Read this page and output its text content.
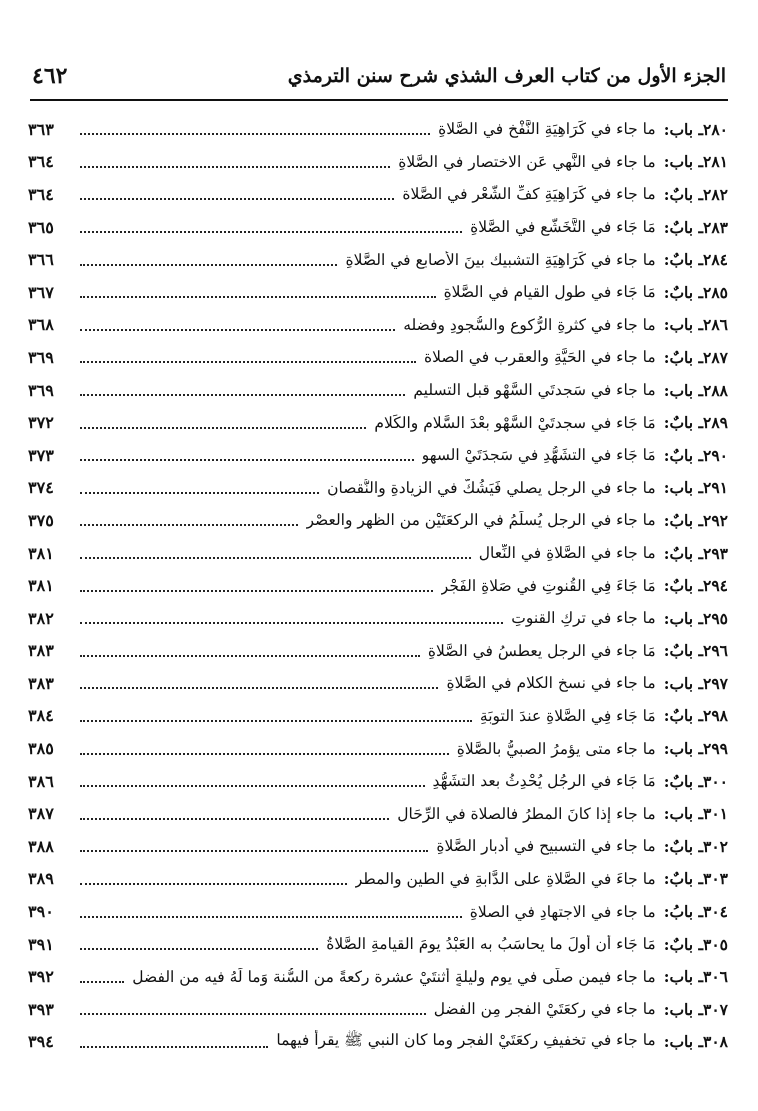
الجزء الأول من كتاب العرف الشذي شرح سنن الترمذي
٤٦٢
٢٨٠
ـ باب:
ما جاء في كَرَاهِيَةِ النَّفْخ في الصَّلاةِ
٣٦٣
٢٨١
ـ باب:
ما جاء في النَّهي عَن الاختصار في الصَّلاةِ
٣٦٤
٢٨٢
ـ بابٌ:
ما جاء في كَرَاهِيَةِ كفِّ الشَّعْر في الصَّلاة
٣٦٤
٢٨٣
ـ بابٌ:
مَا جَاء في التَّخَشُّع في الصَّلاةِ
٣٦٥
٢٨٤
ـ بابٌ:
ما جاء في كَرَاهِيَةِ التشبيك بينَ الأصابع في الصَّلاةِ
٣٦٦
٢٨٥
ـ بابٌ:
مَا جَاء في طولِ القيامِ في الصَّلاةِ
٣٦٧
٢٨٦
ـ باب:
ما جاء في كثرةِ الرُّكوعِ والسُّجودِ وفضله
٣٦٨
٢٨٧
ـ بابٌ:
ما جاء في الحَيَّةِ والعقرب في الصلاة
٣٦٩
٢٨٨
ـ باب:
ما جاء في سَجدتَي السَّهْوِ قبل التسليم
٣٦٩
٢٨٩
ـ بابٌ:
مَا جَاء في سجدتَيْ السَّهْوِ بعْدَ السَّلامِ والكَلامِ
٣٧٢
٢٩٠
ـ بابٌ:
مَا جَاء في التشَهُّدِ في سَجدَتَيْ السهو
٣٧٣
٢٩١
ـ باب:
ما جاء في الرجل يصلي فَيَشُكُّ في الزيادةِ والنُّقصانِ
٣٧٤
٢٩٢
ـ بابٌ:
ما جاء في الرجل يُسلِّمُ في الركعَتَيْنِ من الظهرِ والعصْرِ
٣٧٥
٢٩٣
ـ بابٌ:
ما جاء في الصَّلاةِ في النِّعال
٣٨١
٢٩٤
ـ بابٌ:
مَا جَاءَ فِي القُنوتِ في صَلاةِ الفَجْرِ
٣٨١
٢٩٥
ـ باب:
ما جاء في تركِ القنوتِ
٣٨٢
٢٩٦
ـ بابٌ:
مَا جاء في الرجل يعطسُ في الصَّلاةِ
٣٨٣
٢٩٧
ـ باب:
ما جاء في نسخِ الكلامِ في الصَّلاةِ
٣٨٣
٢٩٨
ـ بابٌ:
مَا جَاء فِي الصَّلاةِ عندَ التوبَةِ
٣٨٤
٢٩٩
ـ باب:
ما جاء متى يؤمرُ الصبيُّ بالصَّلاةِ
٣٨٥
٣٠٠
ـ بابٌ:
مَا جَاء في الرجُلِ يُحْدِثُ بعد التشَهُّدِ
٣٨٦
٣٠١
ـ باب:
ما جاء إذا كانَ المطرُ فالصلاة في الرِّحَالِ
٣٨٧
٣٠٢
ـ بابٌ:
ما جاء في التسبيحِ في أدبارِ الصَّلاةِ
٣٨٨
٣٠٣
ـ بابٌ:
ما جاءَ في الصَّلاةِ على الدَّابةِ في الطينِ والمطرِ
٣٨٩
٣٠٤
ـ بابُ:
ما جاء في الاجتهادِ في الصلاةِ
٣٩٠
٣٠٥
ـ بابٌ:
مَا جَاء أن أولَ ما يحاسَبُ به العَبْدُ يومَ القيامةِ الصَّلاةُ
٣٩١
٣٠٦
ـ باب:
ما جاء فيمن صلَّى في يوم وليلةٍ أَثنتَيْ عشرة ركعةً من السُّنة وَما لَهُ فيه من الفضلِ
٣٩٢
٣٠٧
ـ باب:
ما جاء في ركعَتَيْ الفجر مِن الفضلِ
٣٩٣
٣٠٨
ـ باب:
ما جاء في تخفيفِ ركعَتَيْ الفجر وما كان النبي ﷺ يقرأ فيهما
٣٩٤
